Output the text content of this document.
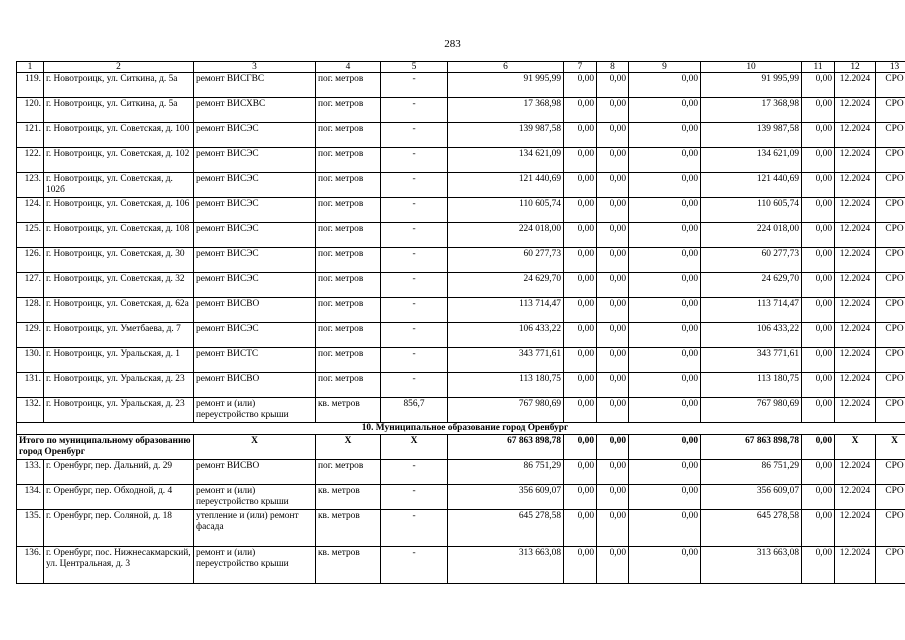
283
1	2	3	4	5	6	7	8	9	10	11	12	13
119.	г. Новотроицк, ул. Ситкина, д. 5а	ремонт ВИСГВС	пог. метров	-	91 995,99	0,00	0,00	0,00	91 995,99	0,00	12.2024	СРО
120.	г. Новотроицк, ул. Ситкина, д. 5а	ремонт ВИСХВС	пог. метров	-	17 368,98	0,00	0,00	0,00	17 368,98	0,00	12.2024	СРО
121.	г. Новотроицк, ул. Советская, д. 100	ремонт ВИСЭС	пог. метров	-	139 987,58	0,00	0,00	0,00	139 987,58	0,00	12.2024	СРО
122.	г. Новотроицк, ул. Советская, д. 102	ремонт ВИСЭС	пог. метров	-	134 621,09	0,00	0,00	0,00	134 621,09	0,00	12.2024	СРО
123.	г. Новотроицк, ул. Советская, д. 102б	ремонт ВИСЭС	пог. метров	-	121 440,69	0,00	0,00	0,00	121 440,69	0,00	12.2024	СРО
124.	г. Новотроицк, ул. Советская, д. 106	ремонт ВИСЭС	пог. метров	-	110 605,74	0,00	0,00	0,00	110 605,74	0,00	12.2024	СРО
125.	г. Новотроицк, ул. Советская, д. 108	ремонт ВИСЭС	пог. метров	-	224 018,00	0,00	0,00	0,00	224 018,00	0,00	12.2024	СРО
126.	г. Новотроицк, ул. Советская, д. 30	ремонт ВИСЭС	пог. метров	-	60 277,73	0,00	0,00	0,00	60 277,73	0,00	12.2024	СРО
127.	г. Новотроицк, ул. Советская, д. 32	ремонт ВИСЭС	пог. метров	-	24 629,70	0,00	0,00	0,00	24 629,70	0,00	12.2024	СРО
128.	г. Новотроицк, ул. Советская, д. 62а	ремонт ВИСВО	пог. метров	-	113 714,47	0,00	0,00	0,00	113 714,47	0,00	12.2024	СРО
129.	г. Новотроицк, ул. Уметбаева, д. 7	ремонт ВИСЭС	пог. метров	-	106 433,22	0,00	0,00	0,00	106 433,22	0,00	12.2024	СРО
130.	г. Новотроицк, ул. Уральская, д. 1	ремонт ВИСТС	пог. метров	-	343 771,61	0,00	0,00	0,00	343 771,61	0,00	12.2024	СРО
131.	г. Новотроицк, ул. Уральская, д. 23	ремонт ВИСВО	пог. метров	-	113 180,75	0,00	0,00	0,00	113 180,75	0,00	12.2024	СРО
132.	г. Новотроицк, ул. Уральская, д. 23	ремонт и (или) переустройство крыши	кв. метров	856,7	767 980,69	0,00	0,00	0,00	767 980,69	0,00	12.2024	СРО
10. Муниципальное образование город Оренбург												
Итого по муниципальному образованию город Оренбург		Х	Х	Х	67 863 898,78	0,00	0,00	0,00	67 863 898,78	0,00	Х	Х
133.	г. Оренбург, пер. Дальний, д. 29	ремонт ВИСВО	пог. метров	-	86 751,29	0,00	0,00	0,00	86 751,29	0,00	12.2024	СРО
134.	г. Оренбург, пер. Обходной, д. 4	ремонт и (или) переустройство крыши	кв. метров	-	356 609,07	0,00	0,00	0,00	356 609,07	0,00	12.2024	СРО
135.	г. Оренбург, пер. Соляной, д. 18	утепление и (или) ремонт фасада	кв. метров	-	645 278,58	0,00	0,00	0,00	645 278,58	0,00	12.2024	СРО
136.	г. Оренбург, пос. Нижнесакмарский, ул. Центральная, д. 3	ремонт и (или) переустройство крыши	кв. метров	-	313 663,08	0,00	0,00	0,00	313 663,08	0,00	12.2024	СРО
